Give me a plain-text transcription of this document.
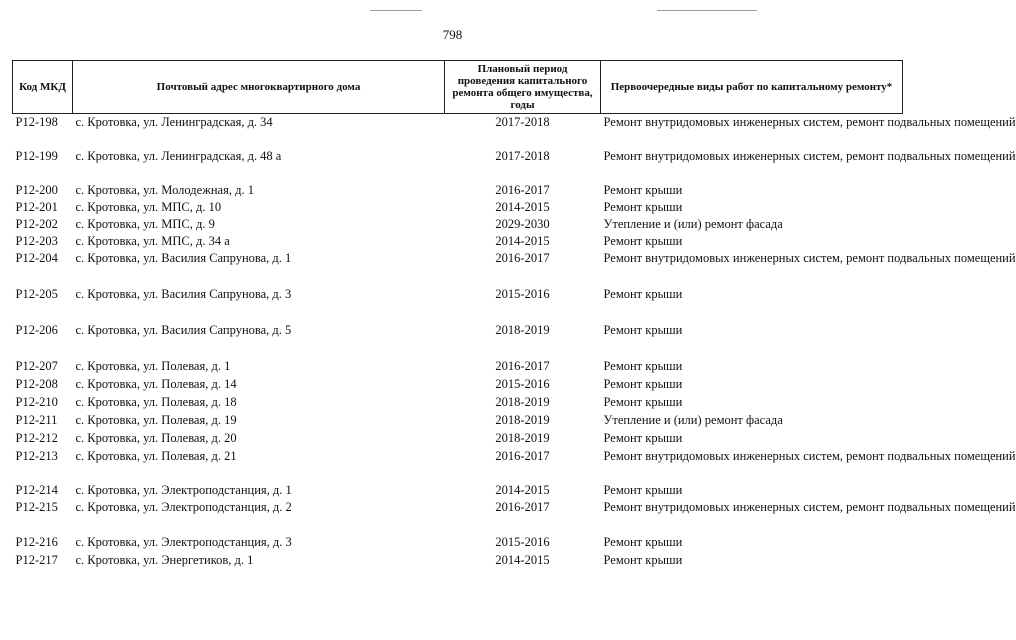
798
Код МКД	Почтовый адрес многоквартирного дома	Плановый период проведения капитального ремонта общего имущества, годы	Первоочередные виды работ по капитальному ремонту*
Р12-198	с. Кротовка, ул. Ленинградская, д. 34	2017-2018	Ремонт внутридомовых инженерных систем, ремонт подвальных помещений
Р12-199	с. Кротовка, ул. Ленинградская, д. 48 а	2017-2018	Ремонт внутридомовых инженерных систем, ремонт подвальных помещений
Р12-200	с. Кротовка, ул. Молодежная, д. 1	2016-2017	Ремонт крыши
Р12-201	с. Кротовка, ул. МПС, д. 10	2014-2015	Ремонт крыши
Р12-202	с. Кротовка, ул. МПС, д. 9	2029-2030	Утепление и (или) ремонт фасада
Р12-203	с. Кротовка, ул. МПС, д. 34 а	2014-2015	Ремонт крыши
Р12-204	с. Кротовка, ул. Василия Сапрунова, д. 1	2016-2017	Ремонт внутридомовых инженерных систем, ремонт подвальных помещений
Р12-205	с. Кротовка, ул. Василия Сапрунова, д. 3	2015-2016	Ремонт крыши
Р12-206	с. Кротовка, ул. Василия Сапрунова, д. 5	2018-2019	Ремонт крыши
Р12-207	с. Кротовка, ул. Полевая, д. 1	2016-2017	Ремонт крыши
Р12-208	с. Кротовка, ул. Полевая, д. 14	2015-2016	Ремонт крыши
Р12-210	с. Кротовка, ул. Полевая, д. 18	2018-2019	Ремонт крыши
Р12-211	с. Кротовка, ул. Полевая, д. 19	2018-2019	Утепление и (или) ремонт фасада
Р12-212	с. Кротовка, ул. Полевая, д. 20	2018-2019	Ремонт крыши
Р12-213	с. Кротовка, ул. Полевая, д. 21	2016-2017	Ремонт внутридомовых инженерных систем, ремонт подвальных помещений
Р12-214	с. Кротовка, ул. Электроподстанция, д. 1	2014-2015	Ремонт крыши
Р12-215	с. Кротовка, ул. Электроподстанция, д. 2	2016-2017	Ремонт внутридомовых инженерных систем, ремонт подвальных помещений
Р12-216	с. Кротовка, ул. Электроподстанция, д. 3	2015-2016	Ремонт крыши
Р12-217	с. Кротовка, ул. Энергетиков, д. 1	2014-2015	Ремонт крыши
